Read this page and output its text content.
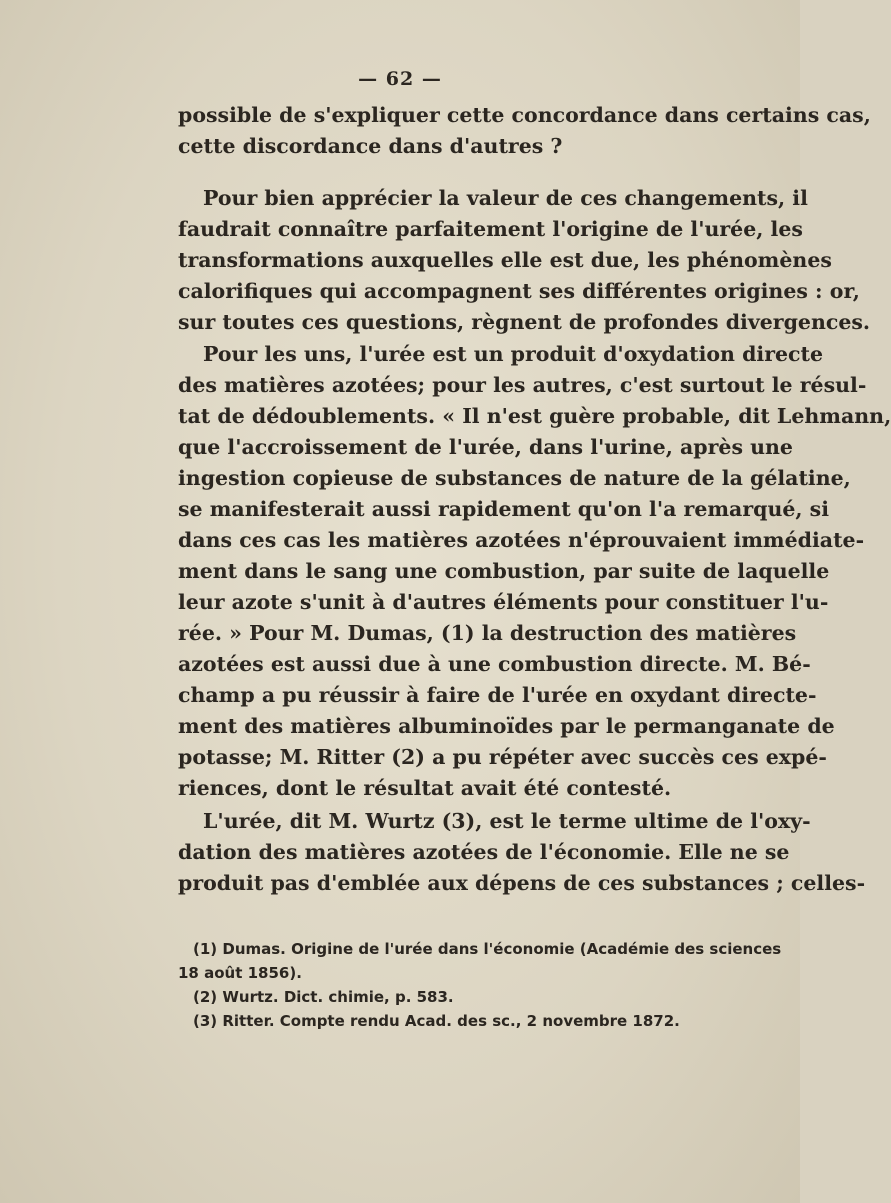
— 62 —
possible de s'expliquer cette concordance dans certains cas,
cette discordance dans d'autres ?
Pour bien apprécier la valeur de ces changements, il
faudrait connaître parfaitement l'origine de l'urée, les
transformations auxquelles elle est due, les phénomènes
calorifiques qui accompagnent ses différentes origines : or,
sur toutes ces questions, règnent de profondes divergences.
Pour les uns, l'urée est un produit d'oxydation directe
des matières azotées; pour les autres, c'est surtout le résul-
tat de dédoublements. « Il n'est guère probable, dit Lehmann,
que l'accroissement de l'urée, dans l'urine, après une
ingestion copieuse de substances de nature de la gélatine,
se manifesterait aussi rapidement qu'on l'a remarqué, si
dans ces cas les matières azotées n'éprouvaient immédiate-
ment dans le sang une combustion, par suite de laquelle
leur azote s'unit à d'autres éléments pour constituer l'u-
rée. » Pour M. Dumas, (1) la destruction des matières
azotées est aussi due à une combustion directe. M. Bé-
champ a pu réussir à faire de l'urée en oxydant directe-
ment des matières albuminoïdes par le permanganate de
potasse; M. Ritter (2) a pu répéter avec succès ces expé-
riences, dont le résultat avait été contesté.
L'urée, dit M. Wurtz (3), est le terme ultime de l'oxy-
dation des matières azotées de l'économie. Elle ne se
produit pas d'emblée aux dépens de ces substances ; celles-
(1) Dumas. Origine de l'urée dans l'économie (Académie des sciences
18 août 1856).
(2) Wurtz. Dict. chimie, p. 583.
(3) Ritter. Compte rendu Acad. des sc., 2 novembre 1872.
